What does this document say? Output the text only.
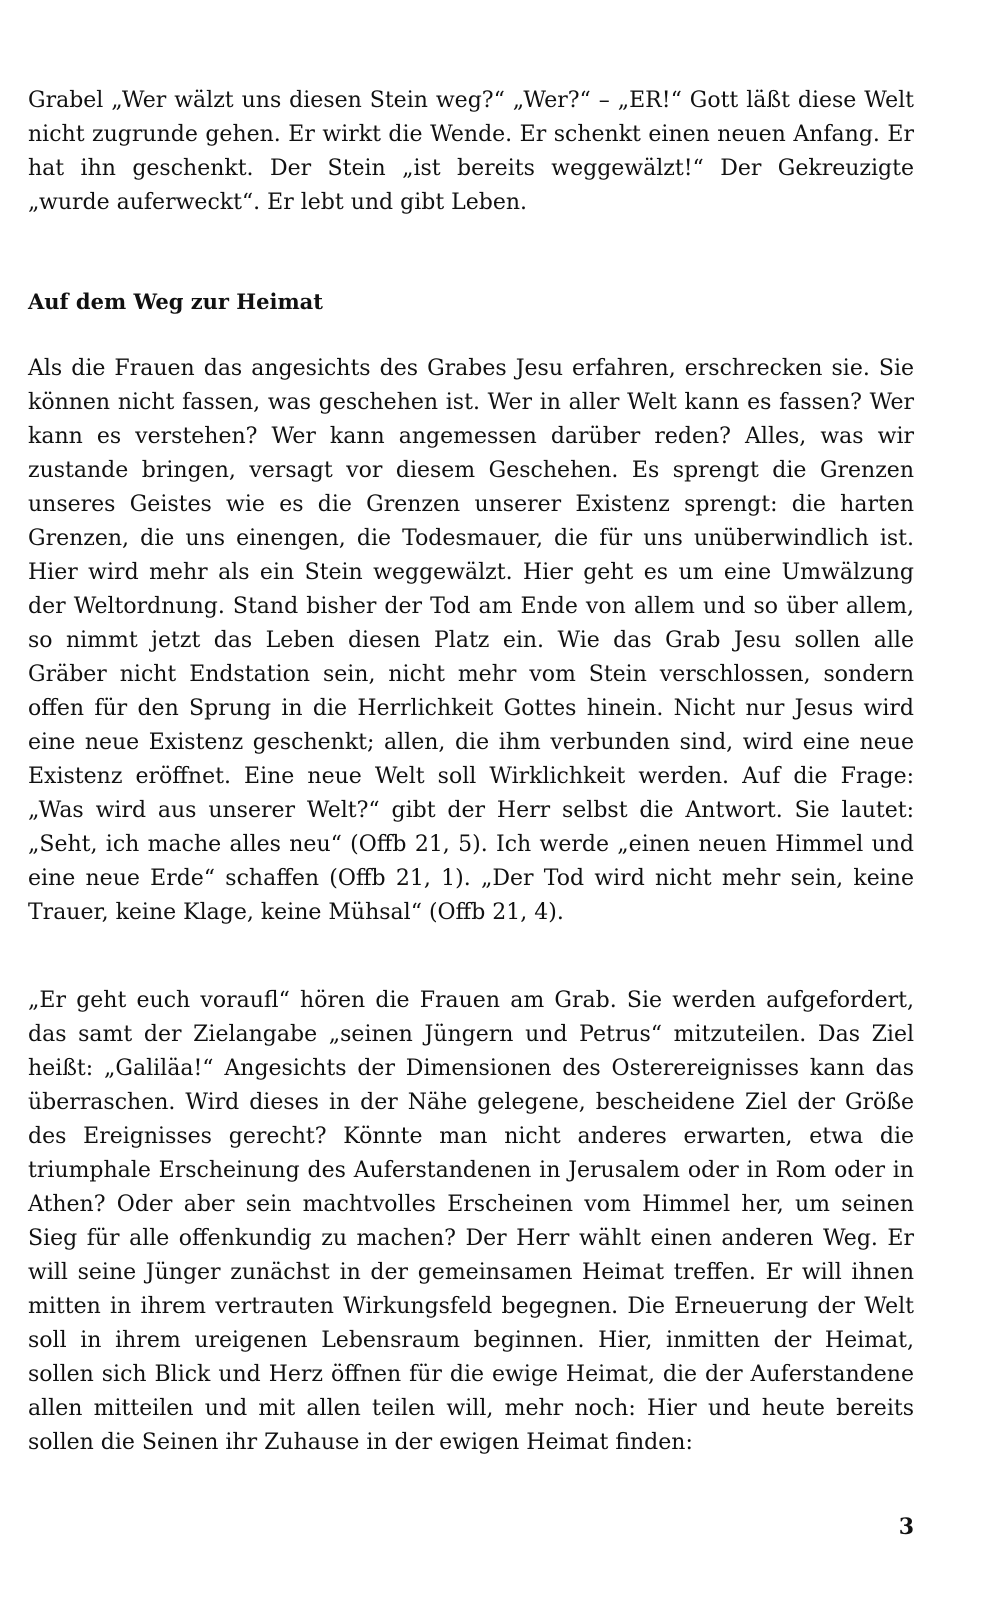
Grabel „Wer wälzt uns diesen Stein weg?“ „Wer?“ – „ER!“ Gott läßt diese Welt nicht zugrunde gehen. Er wirkt die Wende. Er schenkt einen neuen Anfang. Er hat ihn geschenkt. Der Stein „ist bereits weggewälzt!“ Der Gekreuzigte „wurde auferweckt“. Er lebt und gibt Leben.

Auf dem Weg zur Heimat

Als die Frauen das angesichts des Grabes Jesu erfahren, erschrecken sie. Sie können nicht fassen, was geschehen ist. Wer in aller Welt kann es fassen? Wer kann es verstehen? Wer kann angemessen darüber reden? Alles, was wir zustande bringen, versagt vor diesem Geschehen. Es sprengt die Grenzen unseres Geistes wie es die Grenzen unserer Existenz sprengt: die harten Grenzen, die uns einengen, die Todesmauer, die für uns unüberwindlich ist. Hier wird mehr als ein Stein weggewälzt. Hier geht es um eine Umwälzung der Weltordnung. Stand bisher der Tod am Ende von allem und so über allem, so nimmt jetzt das Leben diesen Platz ein. Wie das Grab Jesu sollen alle Gräber nicht Endstation sein, nicht mehr vom Stein verschlossen, sondern offen für den Sprung in die Herrlichkeit Gottes hinein. Nicht nur Jesus wird eine neue Existenz geschenkt; allen, die ihm verbunden sind, wird eine neue Existenz eröffnet. Eine neue Welt soll Wirklichkeit werden. Auf die Frage: „Was wird aus unserer Welt?“ gibt der Herr selbst die Antwort. Sie lautet: „Seht, ich mache alles neu“ (Offb 21, 5). Ich werde „einen neuen Himmel und eine neue Erde“ schaffen (Offb 21, 1). „Der Tod wird nicht mehr sein, keine Trauer, keine Klage, keine Mühsal“ (Offb 21, 4).

„Er geht euch voraufl“ hören die Frauen am Grab. Sie werden aufgefordert, das samt der Zielangabe „seinen Jüngern und Petrus“ mitzuteilen. Das Ziel heißt: „Galiläa!“ Angesichts der Dimensionen des Osterereignisses kann das überraschen. Wird dieses in der Nähe gelegene, bescheidene Ziel der Größe des Ereignisses gerecht? Könnte man nicht anderes erwarten, etwa die triumphale Erscheinung des Auferstandenen in Jerusalem oder in Rom oder in Athen? Oder aber sein machtvolles Erscheinen vom Himmel her, um seinen Sieg für alle offenkundig zu machen? Der Herr wählt einen anderen Weg. Er will seine Jünger zunächst in der gemeinsamen Heimat treffen. Er will ihnen mitten in ihrem vertrauten Wirkungsfeld begegnen. Die Erneuerung der Welt soll in ihrem ureigenen Lebensraum beginnen. Hier, inmitten der Heimat, sollen sich Blick und Herz öffnen für die ewige Heimat, die der Auferstandene allen mitteilen und mit allen teilen will, mehr noch: Hier und heute bereits sollen die Seinen ihr Zuhause in der ewigen Heimat finden:

3
